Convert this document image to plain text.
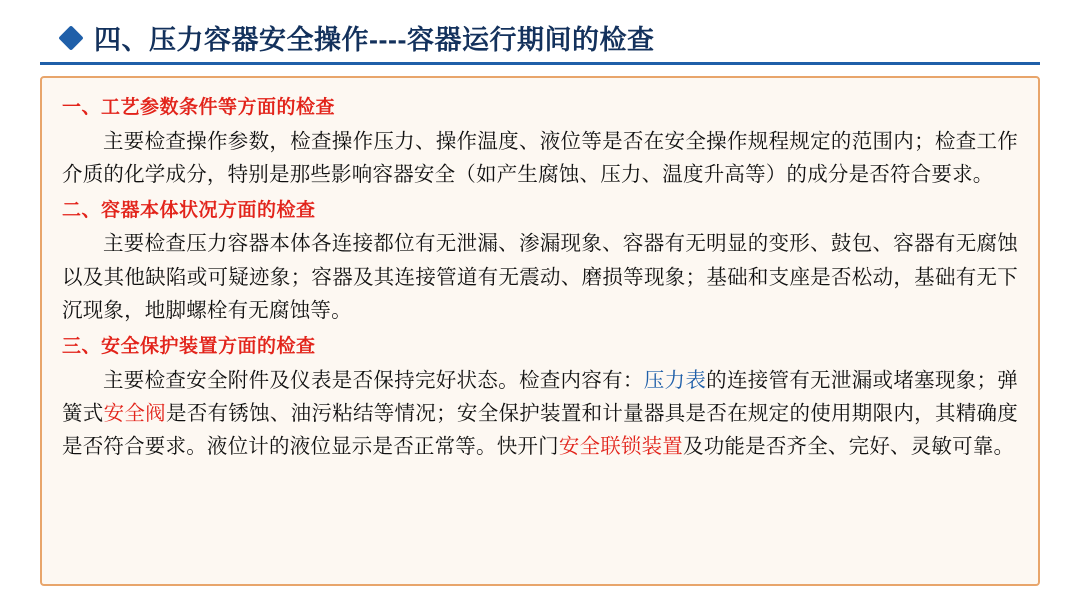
四、压力容器安全操作----容器运行期间的检查

一、工艺参数条件等方面的检查

主要检查操作参数，检查操作压力、操作温度、液位等是否在安全操作规程规定的范围内；检查工作介质的化学成分，特别是那些影响容器安全（如产生腐蚀、压力、温度升高等）的成分是否符合要求。

二、容器本体状况方面的检查

主要检查压力容器本体各连接都位有无泄漏、渗漏现象、容器有无明显的变形、鼓包、容器有无腐蚀以及其他缺陷或可疑迹象；容器及其连接管道有无震动、磨损等现象；基础和支座是否松动，基础有无下沉现象，地脚螺栓有无腐蚀等。

三、安全保护装置方面的检查

主要检查安全附件及仪表是否保持完好状态。检查内容有：压力表的连接管有无泄漏或堵塞现象；弹簧式安全阀是否有锈蚀、油污粘结等情况；安全保护装置和计量器具是否在规定的使用期限内，其精确度是否符合要求。液位计的液位显示是否正常等。快开门安全联锁装置及功能是否齐全、完好、灵敏可靠。
